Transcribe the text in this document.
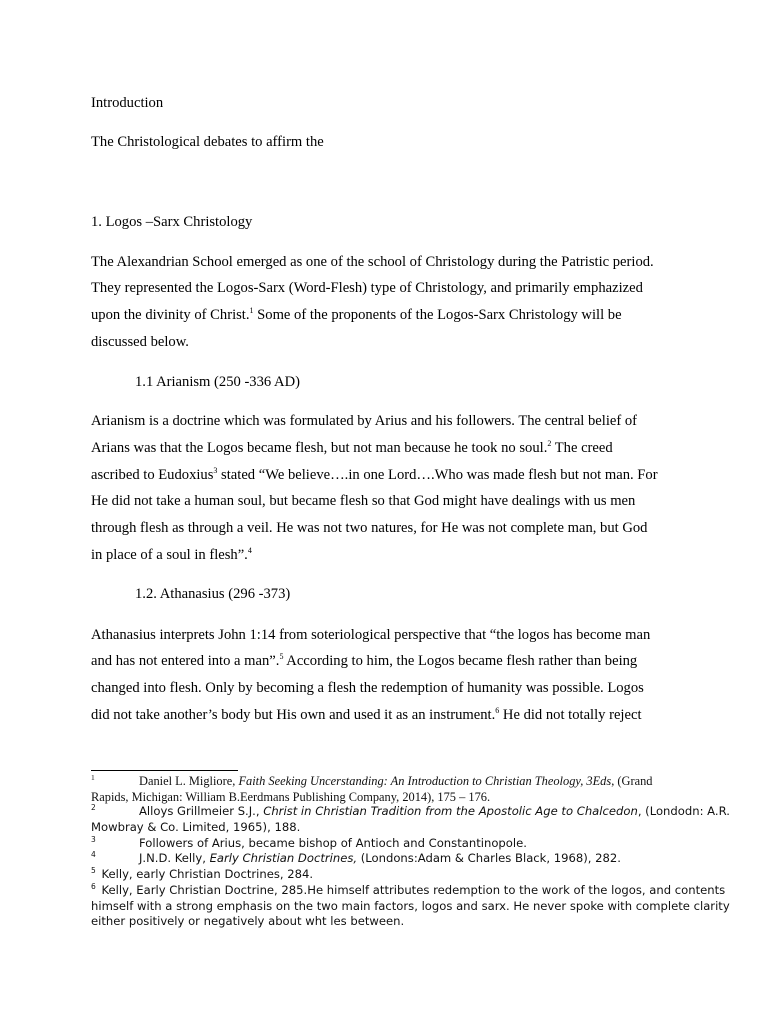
Introduction
The Christological debates to affirm the
1. Logos –Sarx Christology
The Alexandrian School emerged as one of the school of Christology during the Patristic period.
They represented the Logos-Sarx (Word-Flesh) type of Christology, and primarily emphazized
upon the divinity of Christ.$^1$ Some of the proponents of the Logos-Sarx Christology will be
discussed below.
1.1 Arianism (250 -336 AD)
Arianism is a doctrine which was formulated by Arius and his followers. The central belief of
Arians was that the Logos became flesh, but not man because he took no soul.$^2$ The creed
ascribed to Eudoxius$^3$ stated “We believe….in one Lord….Who was made flesh but not man. For
He did not take a human soul, but became flesh so that God might have dealings with us men
through flesh as through a veil. He was not two natures, for He was not complete man, but God
in place of a soul in flesh”.$^4$
1.2. Athanasius (296 -373)
Athanasius interprets John 1:14 from soteriological perspective that “the logos has become man
and has not entered into a man”.$^5$ According to him, the Logos became flesh rather than being
changed into flesh. Only by becoming a flesh the redemption of humanity was possible. Logos
did not take another’s body but His own and used it as an instrument.$^6$ He did not totally reject
1	Daniel L. Migliore, Faith Seeking Uncerstanding: An Introduction to Christian Theology, 3Eds, (Grand
Rapids, Michigan: William B.Eerdmans Publishing Company, 2014), 175 – 176.
2	Alloys Grillmeier S.J., Christ in Christian Tradition from the Apostolic Age to Chalcedon, (Londodn: A.R.
Mowbray & Co. Limited, 1965), 188.
3	Followers of Arius, became bishop of Antioch and Constantinopole.
4	J.N.D. Kelly, Early Christian Doctrines, (Londons:Adam & Charles Black, 1968), 282.
5 Kelly, early Christian Doctrines, 284.
6 Kelly, Early Christian Doctrine, 285.He himself attributes redemption to the work of the logos, and contents
himself with a strong emphasis on the two main factors, logos and sarx. He never spoke with complete clarity
either positively or negatively about wht les between.
